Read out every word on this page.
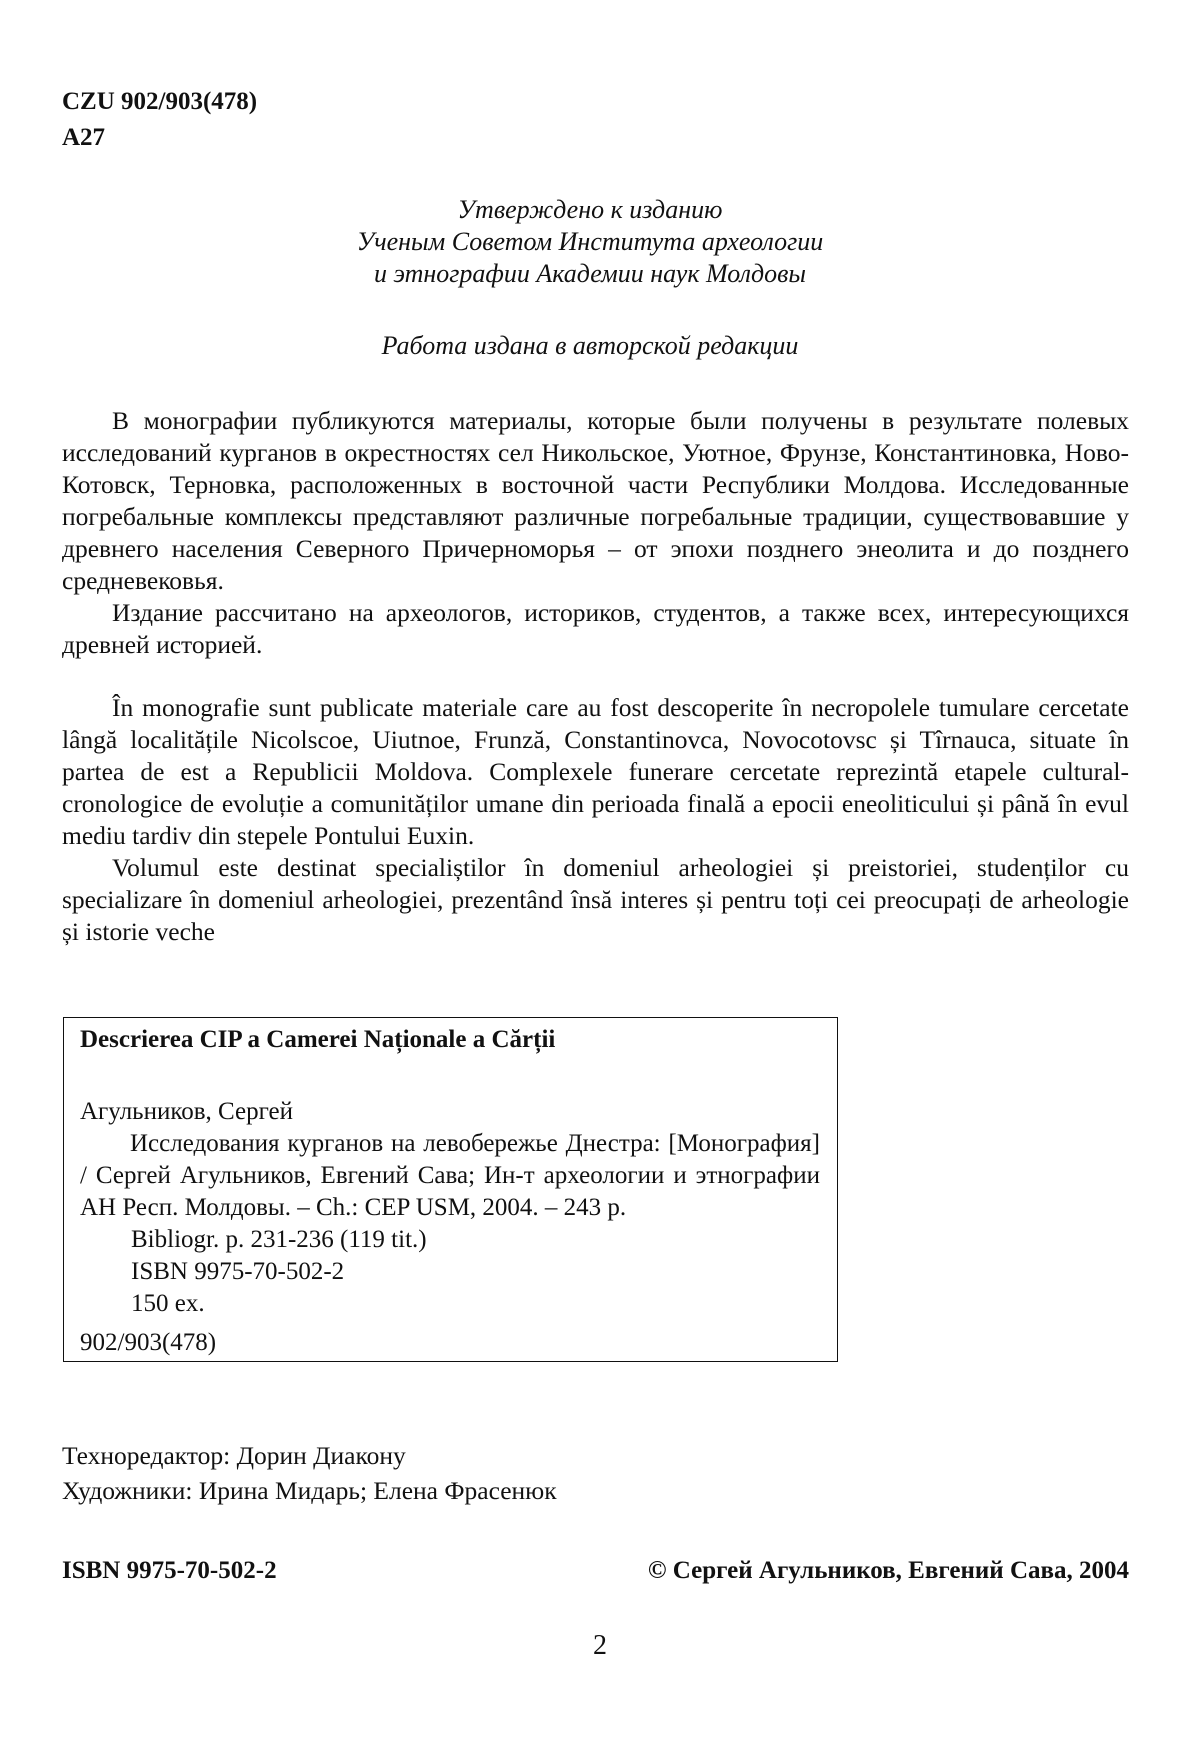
CZU 902/903(478)
A27
Утверждено к изданию
Ученым Советом Института археологии
и этнографии Академии наук Молдовы
Работа издана в авторской редакции

В монографии публикуются материалы, которые были получены в результате полевых исследований курганов в окрестностях сел Никольское, Уютное, Фрунзе, Константиновка, Ново-Котовск, Терновка, расположенных в восточной части Республики Молдова. Исследованные погребальные комплексы представляют различные погребальные традиции, существовавшие у древнего населения Северного Причерноморья – от эпохи позднего энеолита и до позднего средневековья.

Издание рассчитано на археологов, историков, студентов, а также всех, интересующихся древней историей.

În monografie sunt publicate materiale care au fost descoperite în necropolele tumulare cercetate lângă localitățile Nicolscoe, Uiutnoe, Frunză, Constantinovca, Novocotovsc și Tîrnauca, situate în partea de est a Republicii Moldova. Complexele funerare cercetate reprezintă etapele cultural-cronologice de evoluție a comunităților umane din perioada finală a epocii eneoliticului și până în evul mediu tardiv din stepele Pontului Euxin.

Volumul este destinat specialiștilor în domeniul arheologiei și preistoriei, studenților cu specializare în domeniul arheologiei, prezentând însă interes și pentru toți cei preocupați de arheologie și istorie veche

Descrierea CIP a Camerei Naționale a Cărții
Агульников, Сергей
Исследования курганов на левобережье Днестра: [Монография] / Сергей Агульников, Евгений Сава; Ин-т археологии и этнографии АН Респ. Молдовы. – Ch.: CEP USM, 2004. – 243 p.
Bibliogr. p. 231-236 (119 tit.)
ISBN 9975-70-502-2
150 ex.
902/903(478)
Технoредактор: Дорин Диакону
Художники: Ирина Мидарь; Елена Фрасенюк
ISBN 9975-70-502-2	© Сергей Агульников, Евгений Сава, 2004
2
